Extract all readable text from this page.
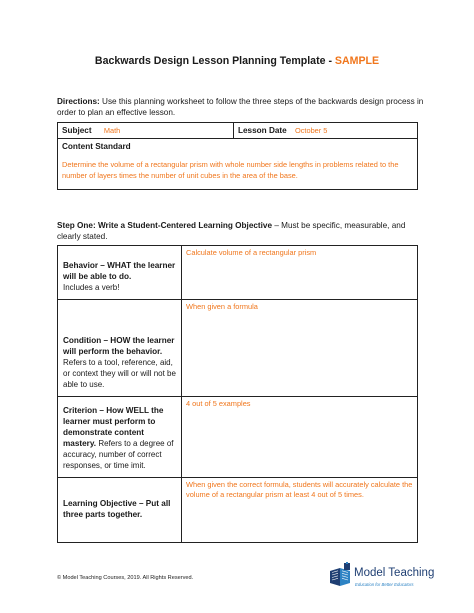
Backwards Design Lesson Planning Template - SAMPLE
Directions: Use this planning worksheet to follow the three steps of the backwards design process in order to plan an effective lesson.
Subject Math	Lesson Date October 5

Content Standard
Determine the volume of a rectangular prism with whole number side lengths in problems related to the number of layers times the number of unit cubes in the area of the base.
Step One: Write a Student-Centered Learning Objective – Must be specific, measurable, and clearly stated.
Behavior – WHAT the learner will be able to do.
Includes a verb!	Calculate volume of a rectangular prism

Condition – HOW the learner will perform the behavior.
Refers to a tool, reference, aid, or context they will or will not be able to use.	When given a formula
Criterion – How WELL the learner must perform to demonstrate content mastery. Refers to a degree of accuracy, number of correct responses, or time imit.	4 out of 5 examples

Learning Objective – Put all three parts together.	When given the correct formula, students will accurately calculate the volume of a rectangular prism at least 4 out of 5 times.
© Model Teaching Courses, 2019. All Rights Reserved.	Model Teaching
Education for Better Educators
